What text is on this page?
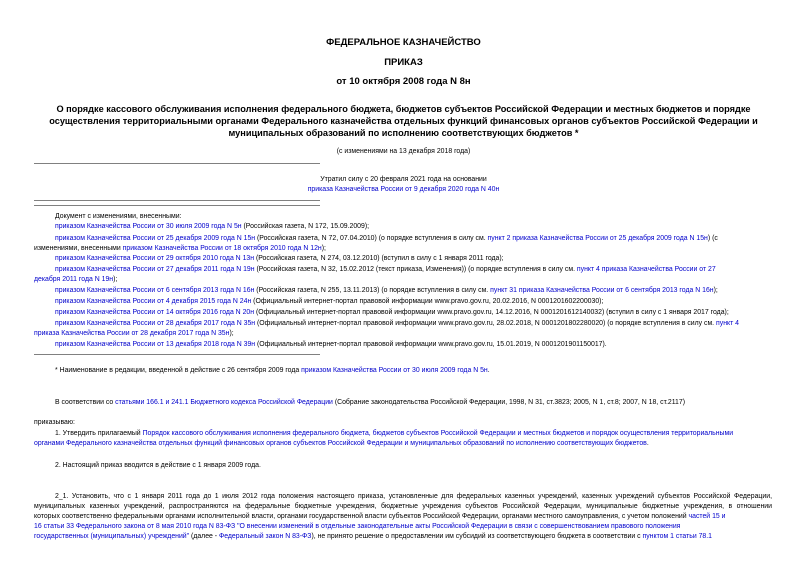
ФЕДЕРАЛЬНОЕ КАЗНАЧЕЙСТВО
ПРИКАЗ
от 10 октября 2008 года N 8н
О порядке кассового обслуживания исполнения федерального бюджета, бюджетов субъектов Российской Федерации и местных бюджетов и порядке
осуществления территориальными органами Федерального казначейства отдельных функций финансовых органов субъектов Российской Федерации и
муниципальных образований по исполнению соответствующих бюджетов *
(с изменениями на 13 декабря 2018 года)
Утратил силу с 20 февраля 2021 года на основании
приказа Казначейства России от 9 декабря 2020 года N 40н
Документ с изменениями, внесенными:
приказом Казначейства России от 30 июля 2009 года N 5н (Российская газета, N 172, 15.09.2009);
приказом Казначейства России от 25 декабря 2009 года N 15н (Российская газета, N 72, 07.04.2010) (о порядке вступления в силу см. пункт 2 приказа Казначейства России от 25 декабря 2009 года N 15н) (с
изменениями, внесенными приказом Казначейства России от 18 октября 2010 года N 12н);
приказом Казначейства России от 29 октября 2010 года N 13н (Российская газета, N 274, 03.12.2010) (вступил в силу с 1 января 2011 года);
приказом Казначейства России от 27 декабря 2011 года N 19н (Российская газета, N 32, 15.02.2012 (текст приказа, Изменения)) (о порядке вступления в силу см. пункт 4 приказа Казначейства России от 27
декабря 2011 года N 19н);
приказом Казначейства России от 6 сентября 2013 года N 16н (Российская газета, N 255, 13.11.2013) (о порядке вступления в силу см. пункт 31 приказа Казначейства России от 6 сентября 2013 года N 16н);
приказом Казначейства России от 4 декабря 2015 года N 24н (Официальный интернет-портал правовой информации www.pravo.gov.ru, 20.02.2016, N 0001201602200030);
приказом Казначейства России от 14 октября 2016 года N 20н (Официальный интернет-портал правовой информации www.pravo.gov.ru, 14.12.2016, N 0001201612140032) (вступил в силу с 1 января 2017 года);
приказом Казначейства России от 28 декабря 2017 года N 35н (Официальный интернет-портал правовой информации www.pravo.gov.ru, 28.02.2018, N 0001201802280020) (о порядке вступления в силу см. пункт 4
приказа Казначейства России от 28 декабря 2017 года N 35н);
приказом Казначейства России от 13 декабря 2018 года N 39н (Официальный интернет-портал правовой информации www.pravo.gov.ru, 15.01.2019, N 0001201901150017).
* Наименование в редакции, введенной в действие с 26 сентября 2009 года приказом Казначейства России от 30 июля 2009 года N 5н.
В соответствии со статьями 166.1 и 241.1 Бюджетного кодекса Российской Федерации (Собрание законодательства Российской Федерации, 1998, N 31, ст.3823; 2005, N 1, ст.8; 2007, N 18, ст.2117)
приказываю:
1. Утвердить прилагаемый Порядок кассового обслуживания исполнения федерального бюджета, бюджетов субъектов Российской Федерации и местных бюджетов и порядок осуществления территориальными
органами Федерального казначейства отдельных функций финансовых органов субъектов Российской Федерации и муниципальных образований по исполнению соответствующих бюджетов.
2. Настоящий приказ вводится в действие с 1 января 2009 года.
2_1. Установить, что с 1 января 2011 года до 1 июля 2012 года положения настоящего приказа, установленные для федеральных казенных учреждений, казенных учреждений субъектов Российской Федерации,
муниципальных казенных учреждений, распространяются на федеральные бюджетные учреждения, бюджетные учреждения субъектов Российской Федерации, муниципальные бюджетные учреждения, в отношении
которых соответственно федеральными органами исполнительной власти, органами государственной власти субъектов Российской Федерации, органами местного самоуправления, с учетом положений частей 15 и
16 статьи 33 Федерального закона от 8 мая 2010 года N 83-ФЗ "О внесении изменений в отдельные законодательные акты Российской Федерации в связи с совершенствованием правового положения
государственных (муниципальных) учреждений" (далее - Федеральный закон N 83-ФЗ), не принято решение о предоставлении им субсидий из соответствующего бюджета в соответствии с пунктом 1 статьи 78.1
